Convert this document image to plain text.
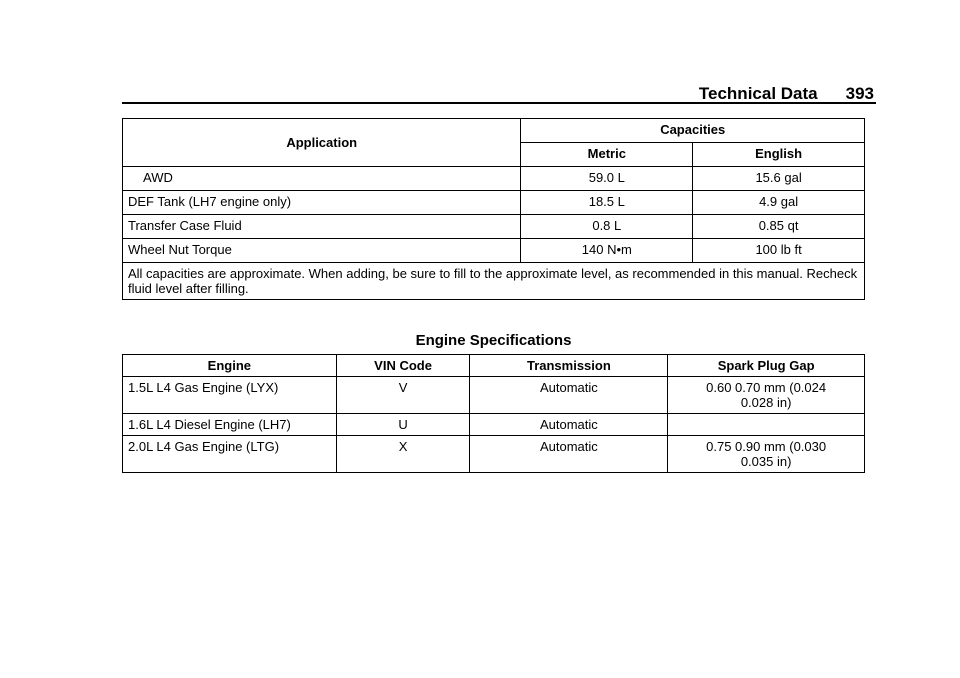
Technical Data 393
Application	Capacities	
	Metric	English
AWD	59.0 L	15.6 gal
DEF Tank (LH7 engine only)	18.5 L	4.9 gal
Transfer Case Fluid	0.8 L	0.85 qt
Wheel Nut Torque	140 N•m	100 lb ft
All capacities are approximate. When adding, be sure to fill to the approximate level, as recommended in this manual. Recheck fluid level after filling.		
Engine Specifications
Engine	VIN Code	Transmission	Spark Plug Gap
1.5L L4 Gas Engine (LYX)	V	Automatic	0.60 0.70 mm (0.024
0.028 in)

1.6L L4 Diesel Engine (LH7)	U	Automatic	

2.0L L4 Gas Engine (LTG)	X	Automatic	0.75 0.90 mm (0.030
0.035 in)
